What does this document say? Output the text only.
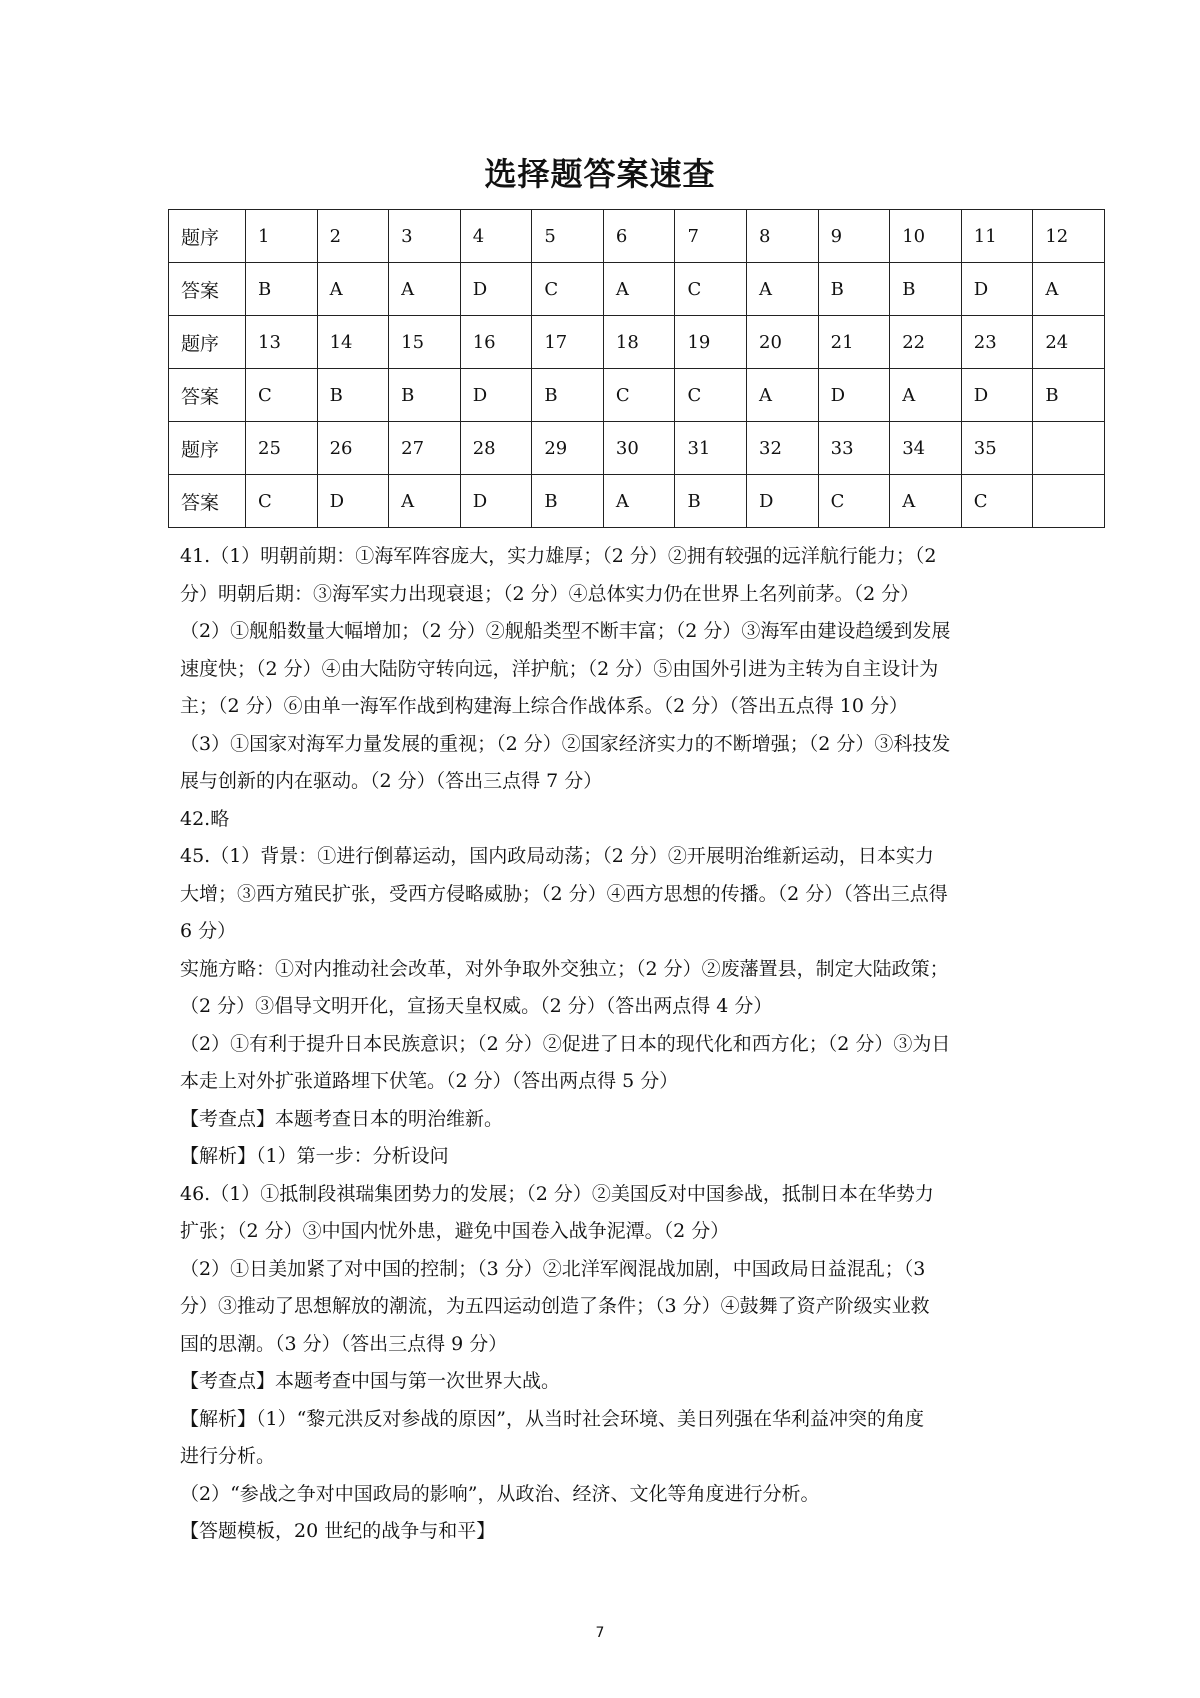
选择题答案速查
题序	1	2	3	4	5	6	7	8	9	10	11	12
答案	B	A	A	D	C	A	C	A	B	B	D	A
题序	13	14	15	16	17	18	19	20	21	22	23	24
答案	C	B	B	D	B	C	C	A	D	A	D	B
题序	25	26	27	28	29	30	31	32	33	34	35	
答案	C	D	A	D	B	A	B	D	C	A	C	

41.（1）明朝前期：①海军阵容庞大，实力雄厚；（2 分）②拥有较强的远洋航行能力；（2

分）明朝后期：③海军实力出现衰退；（2 分）④总体实力仍在世界上名列前茅。（2 分）

（2）①舰船数量大幅增加；（2 分）②舰船类型不断丰富；（2 分）③海军由建设趋缓到发展

速度快；（2 分）④由大陆防守转向远，洋护航；（2 分）⑤由国外引进为主转为自主设计为

主；（2 分）⑥由单一海军作战到构建海上综合作战体系。（2 分）（答出五点得 10 分）

（3）①国家对海军力量发展的重视；（2 分）②国家经济实力的不断增强；（2 分）③科技发

展与创新的内在驱动。（2 分）（答出三点得 7 分）

42.略

45.（1）背景：①进行倒幕运动，国内政局动荡；（2 分）②开展明治维新运动，日本实力

大增；③西方殖民扩张，受西方侵略威胁；（2 分）④西方思想的传播。（2 分）（答出三点得

6 分）

实施方略：①对内推动社会改革，对外争取外交独立；（2 分）②废藩置县，制定大陆政策；

（2 分）③倡导文明开化，宣扬天皇权威。（2 分）（答出两点得 4 分）

（2）①有利于提升日本民族意识；（2 分）②促进了日本的现代化和西方化；（2 分）③为日

本走上对外扩张道路埋下伏笔。（2 分）（答出两点得 5 分）

【考查点】本题考查日本的明治维新。

【解析】（1）第一步：分析设问

46.（1）①抵制段祺瑞集团势力的发展；（2 分）②美国反对中国参战，抵制日本在华势力

扩张；（2 分）③中国内忧外患，避免中国卷入战争泥潭。（2 分）

（2）①日美加紧了对中国的控制；（3 分）②北洋军阀混战加剧，中国政局日益混乱；（3

分）③推动了思想解放的潮流，为五四运动创造了条件；（3 分）④鼓舞了资产阶级实业救

国的思潮。（3 分）（答出三点得 9 分）

【考查点】本题考查中国与第一次世界大战。

【解析】（1）“黎元洪反对参战的原因”，从当时社会环境、美日列强在华利益冲突的角度

进行分析。

（2）“参战之争对中国政局的影响”，从政治、经济、文化等角度进行分析。

【答题模板，20 世纪的战争与和平】

7
